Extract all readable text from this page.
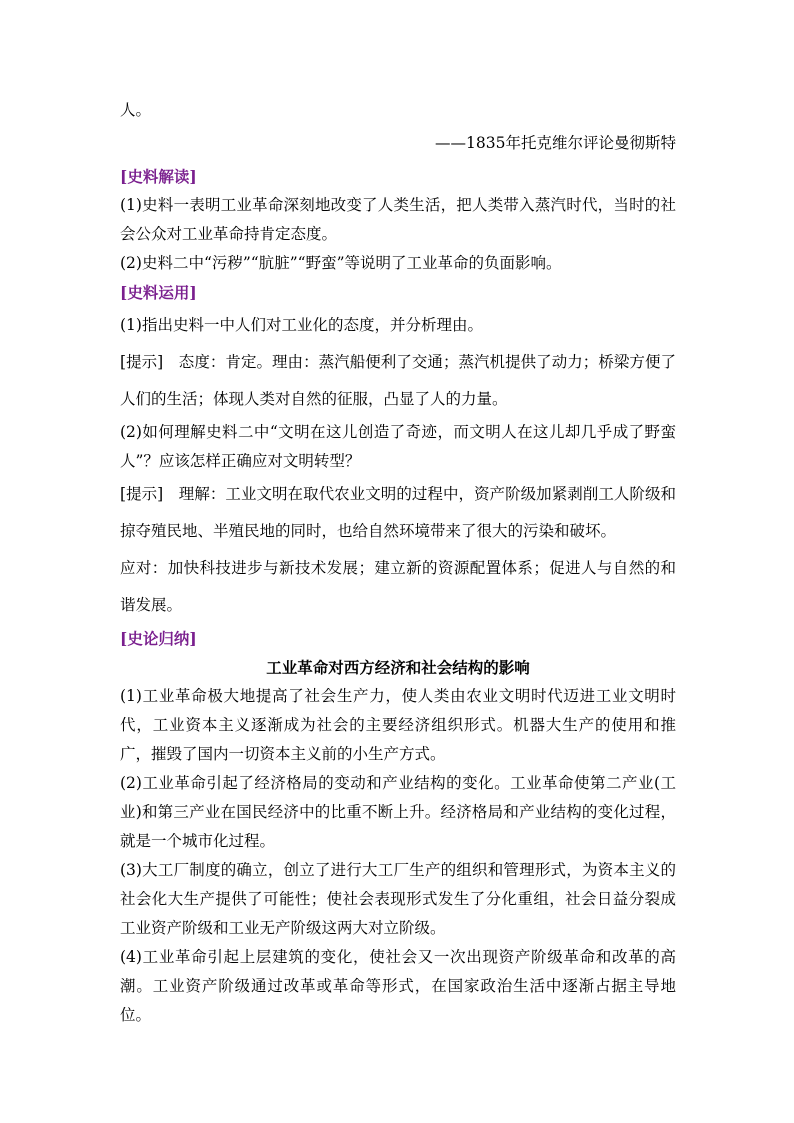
人。

——1835年托克维尔评论曼彻斯特

[史料解读]

(1)史料一表明工业革命深刻地改变了人类生活，把人类带入蒸汽时代，当时的社会公众对工业革命持肯定态度。

(2)史料二中“污秽”“肮脏”“野蛮”等说明了工业革命的负面影响。

[史料运用]

(1)指出史料一中人们对工业化的态度，并分析理由。

[提示]　态度：肯定。理由：蒸汽船便利了交通；蒸汽机提供了动力；桥梁方便了人们的生活；体现人类对自然的征服，凸显了人的力量。

(2)如何理解史料二中“文明在这儿创造了奇迹，而文明人在这儿却几乎成了野蛮人”？应该怎样正确应对文明转型？

[提示]　理解：工业文明在取代农业文明的过程中，资产阶级加紧剥削工人阶级和掠夺殖民地、半殖民地的同时，也给自然环境带来了很大的污染和破坏。

应对：加快科技进步与新技术发展；建立新的资源配置体系；促进人与自然的和谐发展。

[史论归纳]

工业革命对西方经济和社会结构的影响

(1)工业革命极大地提高了社会生产力，使人类由农业文明时代迈进工业文明时代，工业资本主义逐渐成为社会的主要经济组织形式。机器大生产的使用和推广，摧毁了国内一切资本主义前的小生产方式。

(2)工业革命引起了经济格局的变动和产业结构的变化。工业革命使第二产业(工业)和第三产业在国民经济中的比重不断上升。经济格局和产业结构的变化过程，就是一个城市化过程。

(3)大工厂制度的确立，创立了进行大工厂生产的组织和管理形式，为资本主义的社会化大生产提供了可能性；使社会表现形式发生了分化重组，社会日益分裂成工业资产阶级和工业无产阶级这两大对立阶级。

(4)工业革命引起上层建筑的变化，使社会又一次出现资产阶级革命和改革的高潮。工业资产阶级通过改革或革命等形式，在国家政治生活中逐渐占据主导地位。
